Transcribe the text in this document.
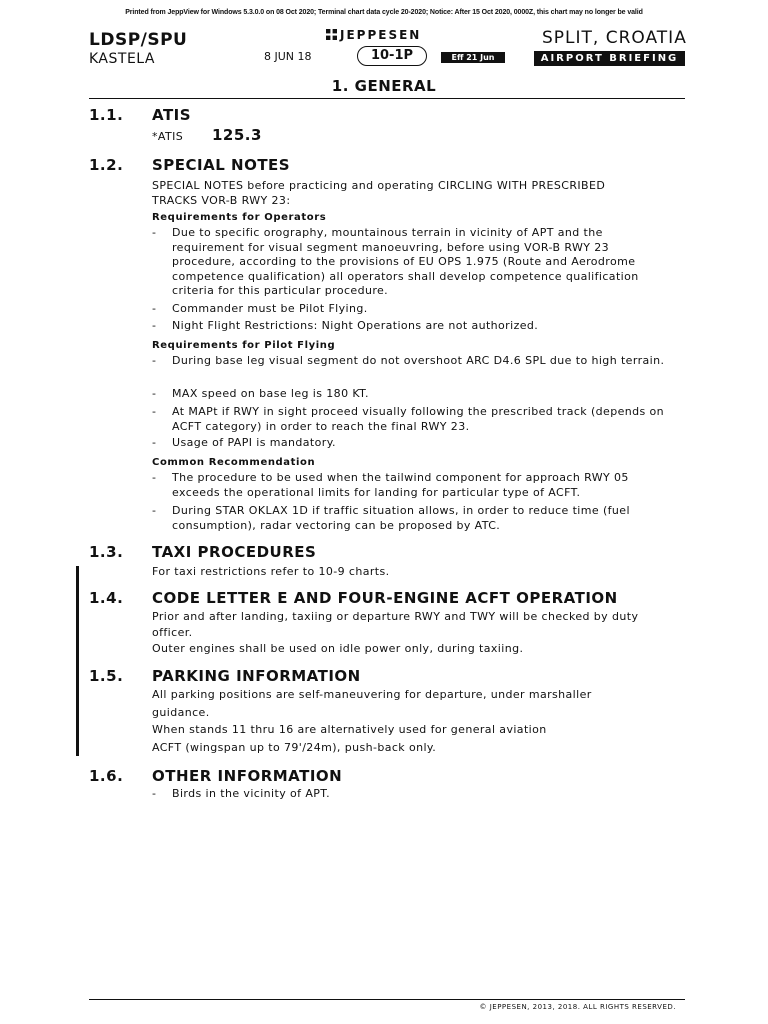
Printed from JeppView for Windows 5.3.0.0 on 08 Oct 2020; Terminal chart data cycle 20-2020; Notice: After 15 Oct 2020, 0000Z, this chart may no longer be valid
LDSP/SPU
KASTELA	8 JUN 18
JEPPESEN
10-1P	Eff 21 Jun
SPLIT, CROATIA
AIRPORT BRIEFING
1. GENERAL
1.1. ATIS
*ATIS 125.3
1.2. SPECIAL NOTES
SPECIAL NOTES before practicing and operating CIRCLING WITH PRESCRIBED
TRACKS VOR-B RWY 23:
Requirements for Operators
- Due to specific orography, mountainous terrain in vicinity of APT and the requirement for visual segment manoeuvring, before using VOR-B RWY 23 procedure, according to the provisions of EU OPS 1.975 (Route and Aerodrome competence qualification) all operators shall develop competence qualification criteria for this particular procedure.
- Commander must be Pilot Flying.
- Night Flight Restrictions: Night Operations are not authorized.
Requirements for Pilot Flying
- During base leg visual segment do not overshoot ARC D4.6 SPL due to high terrain.
- MAX speed on base leg is 180 KT.
- At MAPt if RWY in sight proceed visually following the prescribed track (depends on ACFT category) in order to reach the final RWY 23.
- Usage of PAPI is mandatory.
Common Recommendation
- The procedure to be used when the tailwind component for approach RWY 05 exceeds the operational limits for landing for particular type of ACFT.
- During STAR OKLAX 1D if traffic situation allows, in order to reduce time (fuel consumption), radar vectoring can be proposed by ATC.
1.3. TAXI PROCEDURES
For taxi restrictions refer to 10-9 charts.
1.4. CODE LETTER E AND FOUR-ENGINE ACFT OPERATION
Prior and after landing, taxiing or departure RWY and TWY will be checked by duty officer.
Outer engines shall be used on idle power only, during taxiing.
1.5. PARKING INFORMATION
All parking positions are self-maneuvering for departure, under marshaller guidance.
When stands 11 thru 16 are alternatively used for general aviation
ACFT (wingspan up to 79'/24m), push-back only.
1.6. OTHER INFORMATION
- Birds in the vicinity of APT.
© JEPPESEN, 2013, 2018. ALL RIGHTS RESERVED.
